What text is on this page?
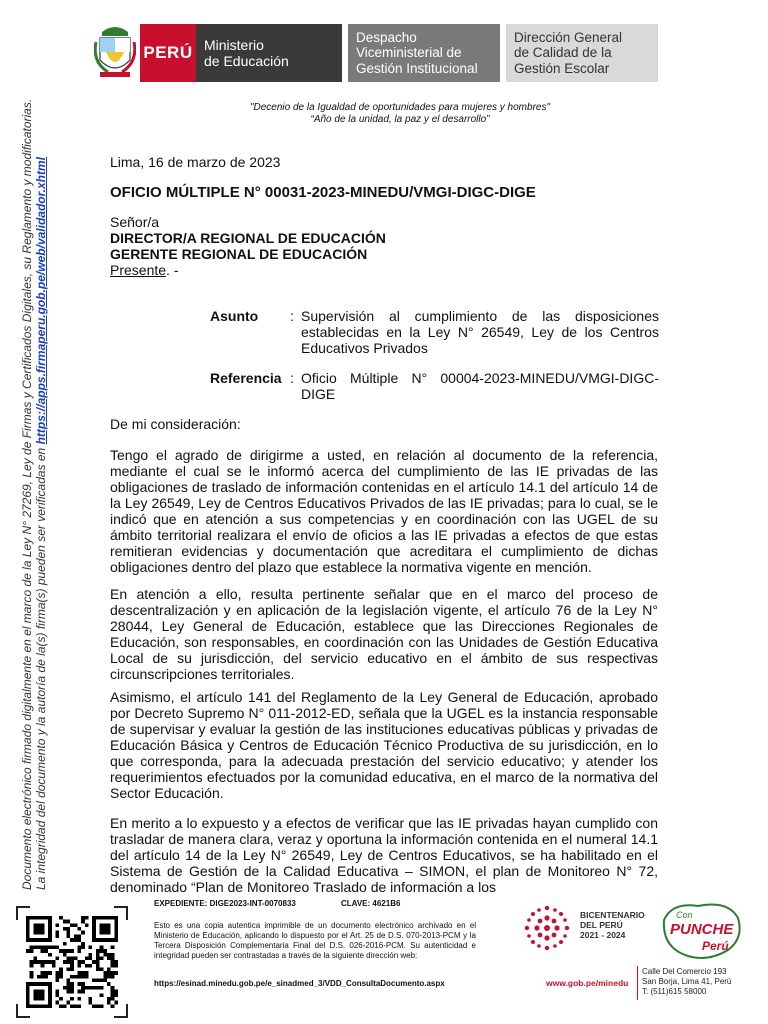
PERÚ Ministerio
de Educación
Despacho
Viceministerial de
Gestión Institucional
Dirección General
de Calidad de la
Gestión Escolar
"Decenio de la Igualdad de oportunidades para mujeres y hombres"
“Año de la unidad, la paz y el desarrollo”
Documento electrónico firmado digitalmente en el marco de la Ley N° 27269, Ley de Firmas y Certificados Digitales, su Reglamento y modificatorias. La integridad del documento y la autoría de la(s) firma(s) pueden ser verificadas en https://apps.firmaperu.gob.pe/web/validador.xhtml	Lima, 16 de marzo de 2023
OFICIO MÚLTIPLE N° 00031-2023-MINEDU/VMGI-DIGC-DIGE
Señor/a
DIRECTOR/A REGIONAL DE EDUCACIÓN
GERENTE REGIONAL DE EDUCACIÓN
Presente. -
Asunto : Supervisión al cumplimiento de las disposiciones establecidas en la Ley N° 26549, Ley de los Centros Educativos Privados
Referencia : Oficio Múltiple N° 00004-2023-MINEDU/VMGI-DIGC-DIGE
De mi consideración:
Tengo el agrado de dirigirme a usted, en relación al documento de la referencia, mediante el cual se le informó acerca del cumplimiento de las IE privadas de las obligaciones de traslado de información contenidas en el artículo 14.1 del artículo 14 de la Ley 26549, Ley de Centros Educativos Privados de las IE privadas; para lo cual, se le indicó que en atención a sus competencias y en coordinación con las UGEL de su ámbito territorial realizara el envío de oficios a las IE privadas a efectos de que estas remitieran evidencias y documentación que acreditara el cumplimiento de dichas obligaciones dentro del plazo que establece la normativa vigente en mención.
En atención a ello, resulta pertinente señalar que en el marco del proceso de descentralización y en aplicación de la legislación vigente, el artículo 76 de la Ley N° 28044, Ley General de Educación, establece que las Direcciones Regionales de Educación, son responsables, en coordinación con las Unidades de Gestión Educativa Local de su jurisdicción, del servicio educativo en el ámbito de sus respectivas circunscripciones territoriales.
Asimismo, el artículo 141 del Reglamento de la Ley General de Educación, aprobado por Decreto Supremo N° 011-2012-ED, señala que la UGEL es la instancia responsable de supervisar y evaluar la gestión de las instituciones educativas públicas y privadas de Educación Básica y Centros de Educación Técnico Productiva de su jurisdicción, en lo que corresponda, para la adecuada prestación del servicio educativo; y atender los requerimientos efectuados por la comunidad educativa, en el marco de la normativa del Sector Educación.
En merito a lo expuesto y a efectos de verificar que las IE privadas hayan cumplido con trasladar de manera clara, veraz y oportuna la información contenida en el numeral 14.1 del artículo 14 de la Ley N° 26549, Ley de Centros Educativos, se ha habilitado en el Sistema de Gestión de la Calidad Educativa – SIMON, el plan de Monitoreo N° 72, denominado “Plan de Monitoreo Traslado de información a los
EXPEDIENTE: DIGE2023-INT-0070833	CLAVE: 4621B6
Esto es una copia autentica imprimible de un documento electrónico archivado en el Ministerio de Educación, aplicando lo dispuesto por el Art. 25 de D.S. 070-2013-PCM y la Tercera Disposición Complementaria Final del D.S. 026-2016-PCM. Su autenticidad e integridad pueden ser contrastadas a través de la siguiente dirección web:
https://esinad.minedu.gob.pe/e_sinadmed_3/VDD_ConsultaDocumento.aspx
BICENTENARIO
DEL PERÚ
2021 - 2024
Con
PUNCHE
Perú
www.gob.pe/minedu
Calle Del Comercio 193
San Borja, Lima 41, Perú
T: (511)615 58000
